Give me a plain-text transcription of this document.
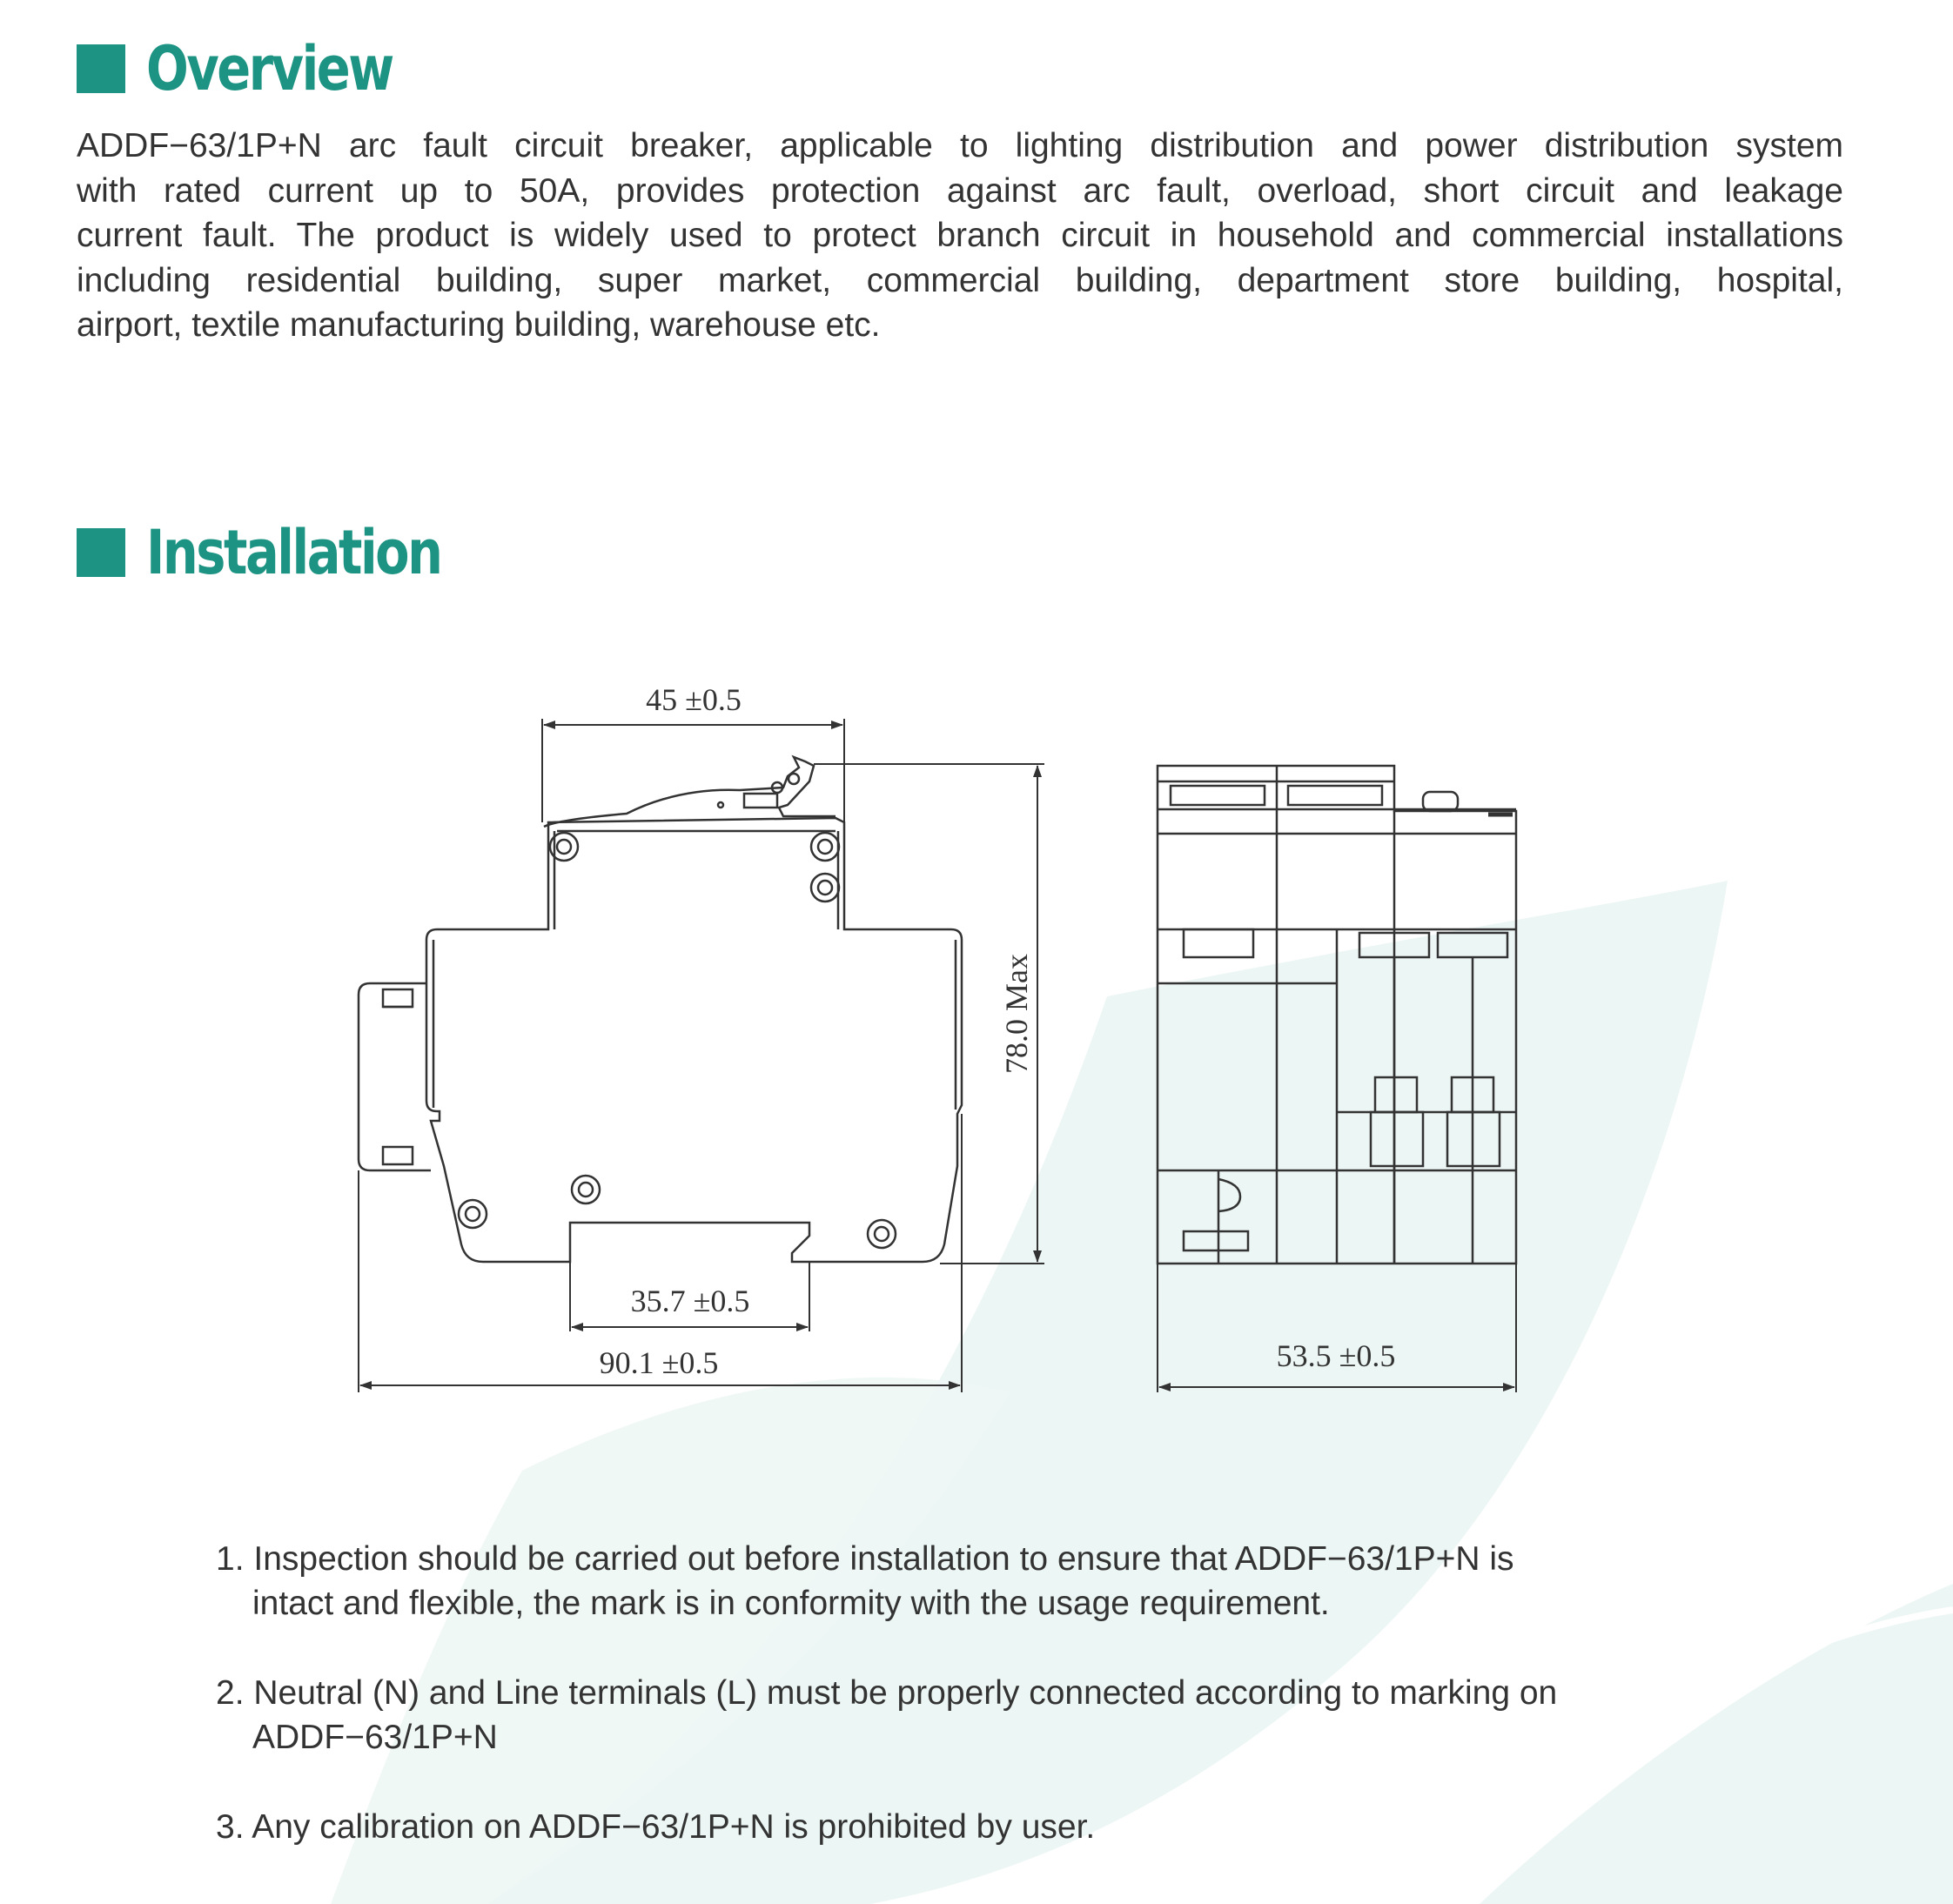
Overview
ADDF−63/1P+N arc fault circuit breaker, applicable to lighting distribution and power distribution system
with rated current up to 50A, provides protection against arc fault, overload, short circuit and leakage
current fault. The product is widely used to protect branch circuit in household and commercial installations
including residential building, super market, commercial building, department store building, hospital,
airport, textile manufacturing building, warehouse etc.
Installation
45 ±0.5
78.0 Max
35.7 ±0.5
90.1 ±0.5	53.5 ±0.5
1. Inspection should be carried out before installation to ensure that ADDF−63/1P+N is
intact and flexible, the mark is in conformity with the usage requirement.
2. Neutral (N) and Line terminals (L) must be properly connected according to marking on
ADDF−63/1P+N
3. Any calibration on ADDF−63/1P+N is prohibited by user.
